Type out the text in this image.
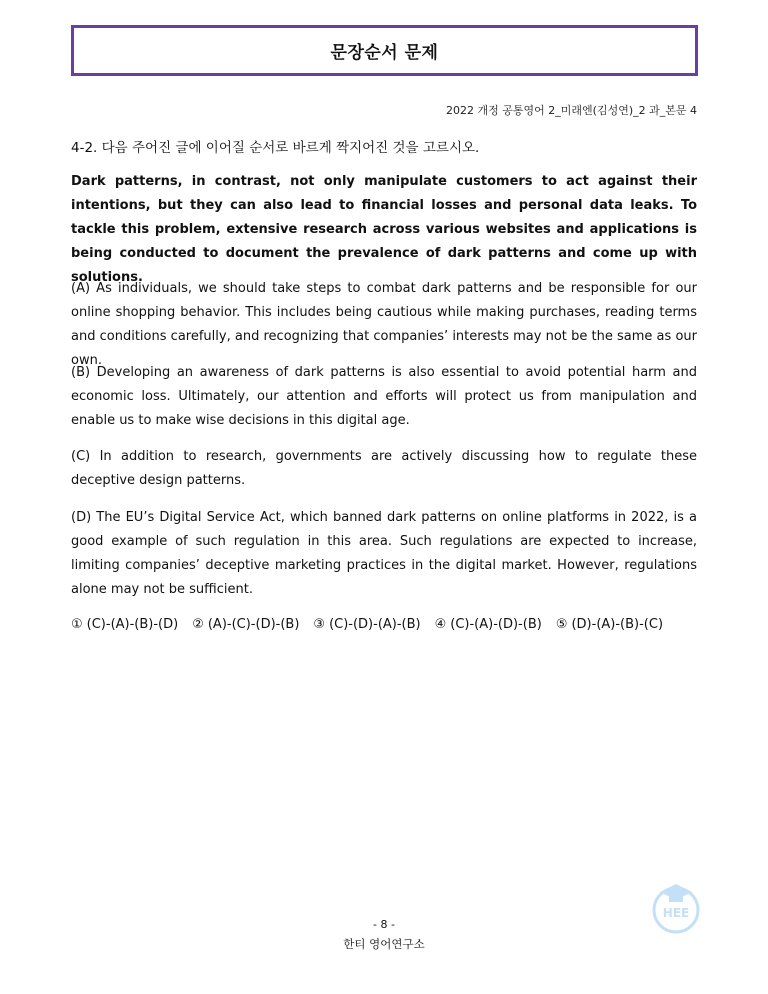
문장순서 문제
2022 개정 공통영어 2_미래엔(김성연)_2 과_본문 4
4-2. 다음 주어진 글에 이어질 순서로 바르게 짝지어진 것을 고르시오.
Dark patterns, in contrast, not only manipulate customers to act against their intentions, but they can also lead to financial losses and personal data leaks. To tackle this problem, extensive research across various websites and applications is being conducted to document the prevalence of dark patterns and come up with solutions.
(A) As individuals, we should take steps to combat dark patterns and be responsible for our online shopping behavior. This includes being cautious while making purchases, reading terms and conditions carefully, and recognizing that companies’ interests may not be the same as our own.
(B) Developing an awareness of dark patterns is also essential to avoid potential harm and economic loss. Ultimately, our attention and efforts will protect us from manipulation and enable us to make wise decisions in this digital age.
(C) In addition to research, governments are actively discussing how to regulate these deceptive design patterns.
(D) The EU’s Digital Service Act, which banned dark patterns on online platforms in 2022, is a good example of such regulation in this area. Such regulations are expected to increase, limiting companies’ deceptive marketing practices in the digital market. However, regulations alone may not be sufficient.
① (C)-(A)-(B)-(D) ② (A)-(C)-(D)-(B) ③ (C)-(D)-(A)-(B) ④ (C)-(A)-(D)-(B) ⑤ (D)-(A)-(B)-(C)
- 8 -
한티 영어연구소
HEE
